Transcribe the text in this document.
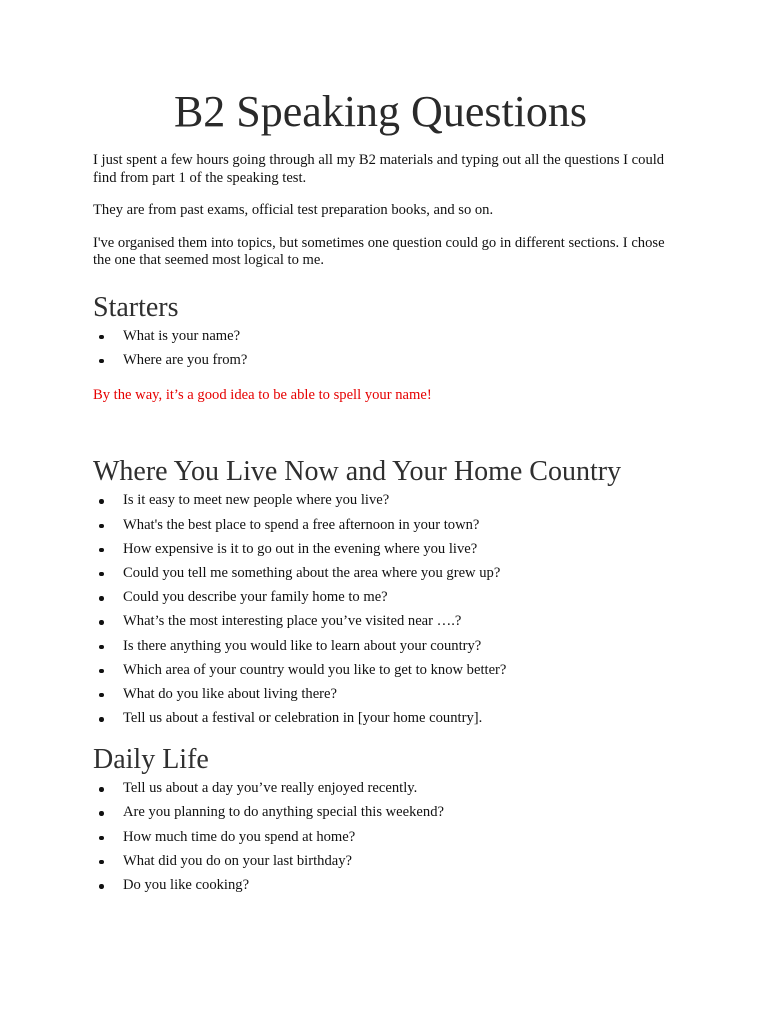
B2 Speaking Questions

I just spent a few hours going through all my B2 materials and typing out all the questions I could find from part 1 of the speaking test.

They are from past exams, official test preparation books, and so on.

I've organised them into topics, but sometimes one question could go in different sections. I chose the one that seemed most logical to me.

Starters
What is your name?
Where are you from?

By the way, it’s a good idea to be able to spell your name!

Where You Live Now and Your Home Country
Is it easy to meet new people where you live?
What's the best place to spend a free afternoon in your town?
How expensive is it to go out in the evening where you live?
Could you tell me something about the area where you grew up?
Could you describe your family home to me?
What’s the most interesting place you’ve visited near ….?
Is there anything you would like to learn about your country?
Which area of your country would you like to get to know better?
What do you like about living there?
Tell us about a festival or celebration in [your home country].
Daily Life
Tell us about a day you’ve really enjoyed recently.
Are you planning to do anything special this weekend?
How much time do you spend at home?
What did you do on your last birthday?
Do you like cooking?
